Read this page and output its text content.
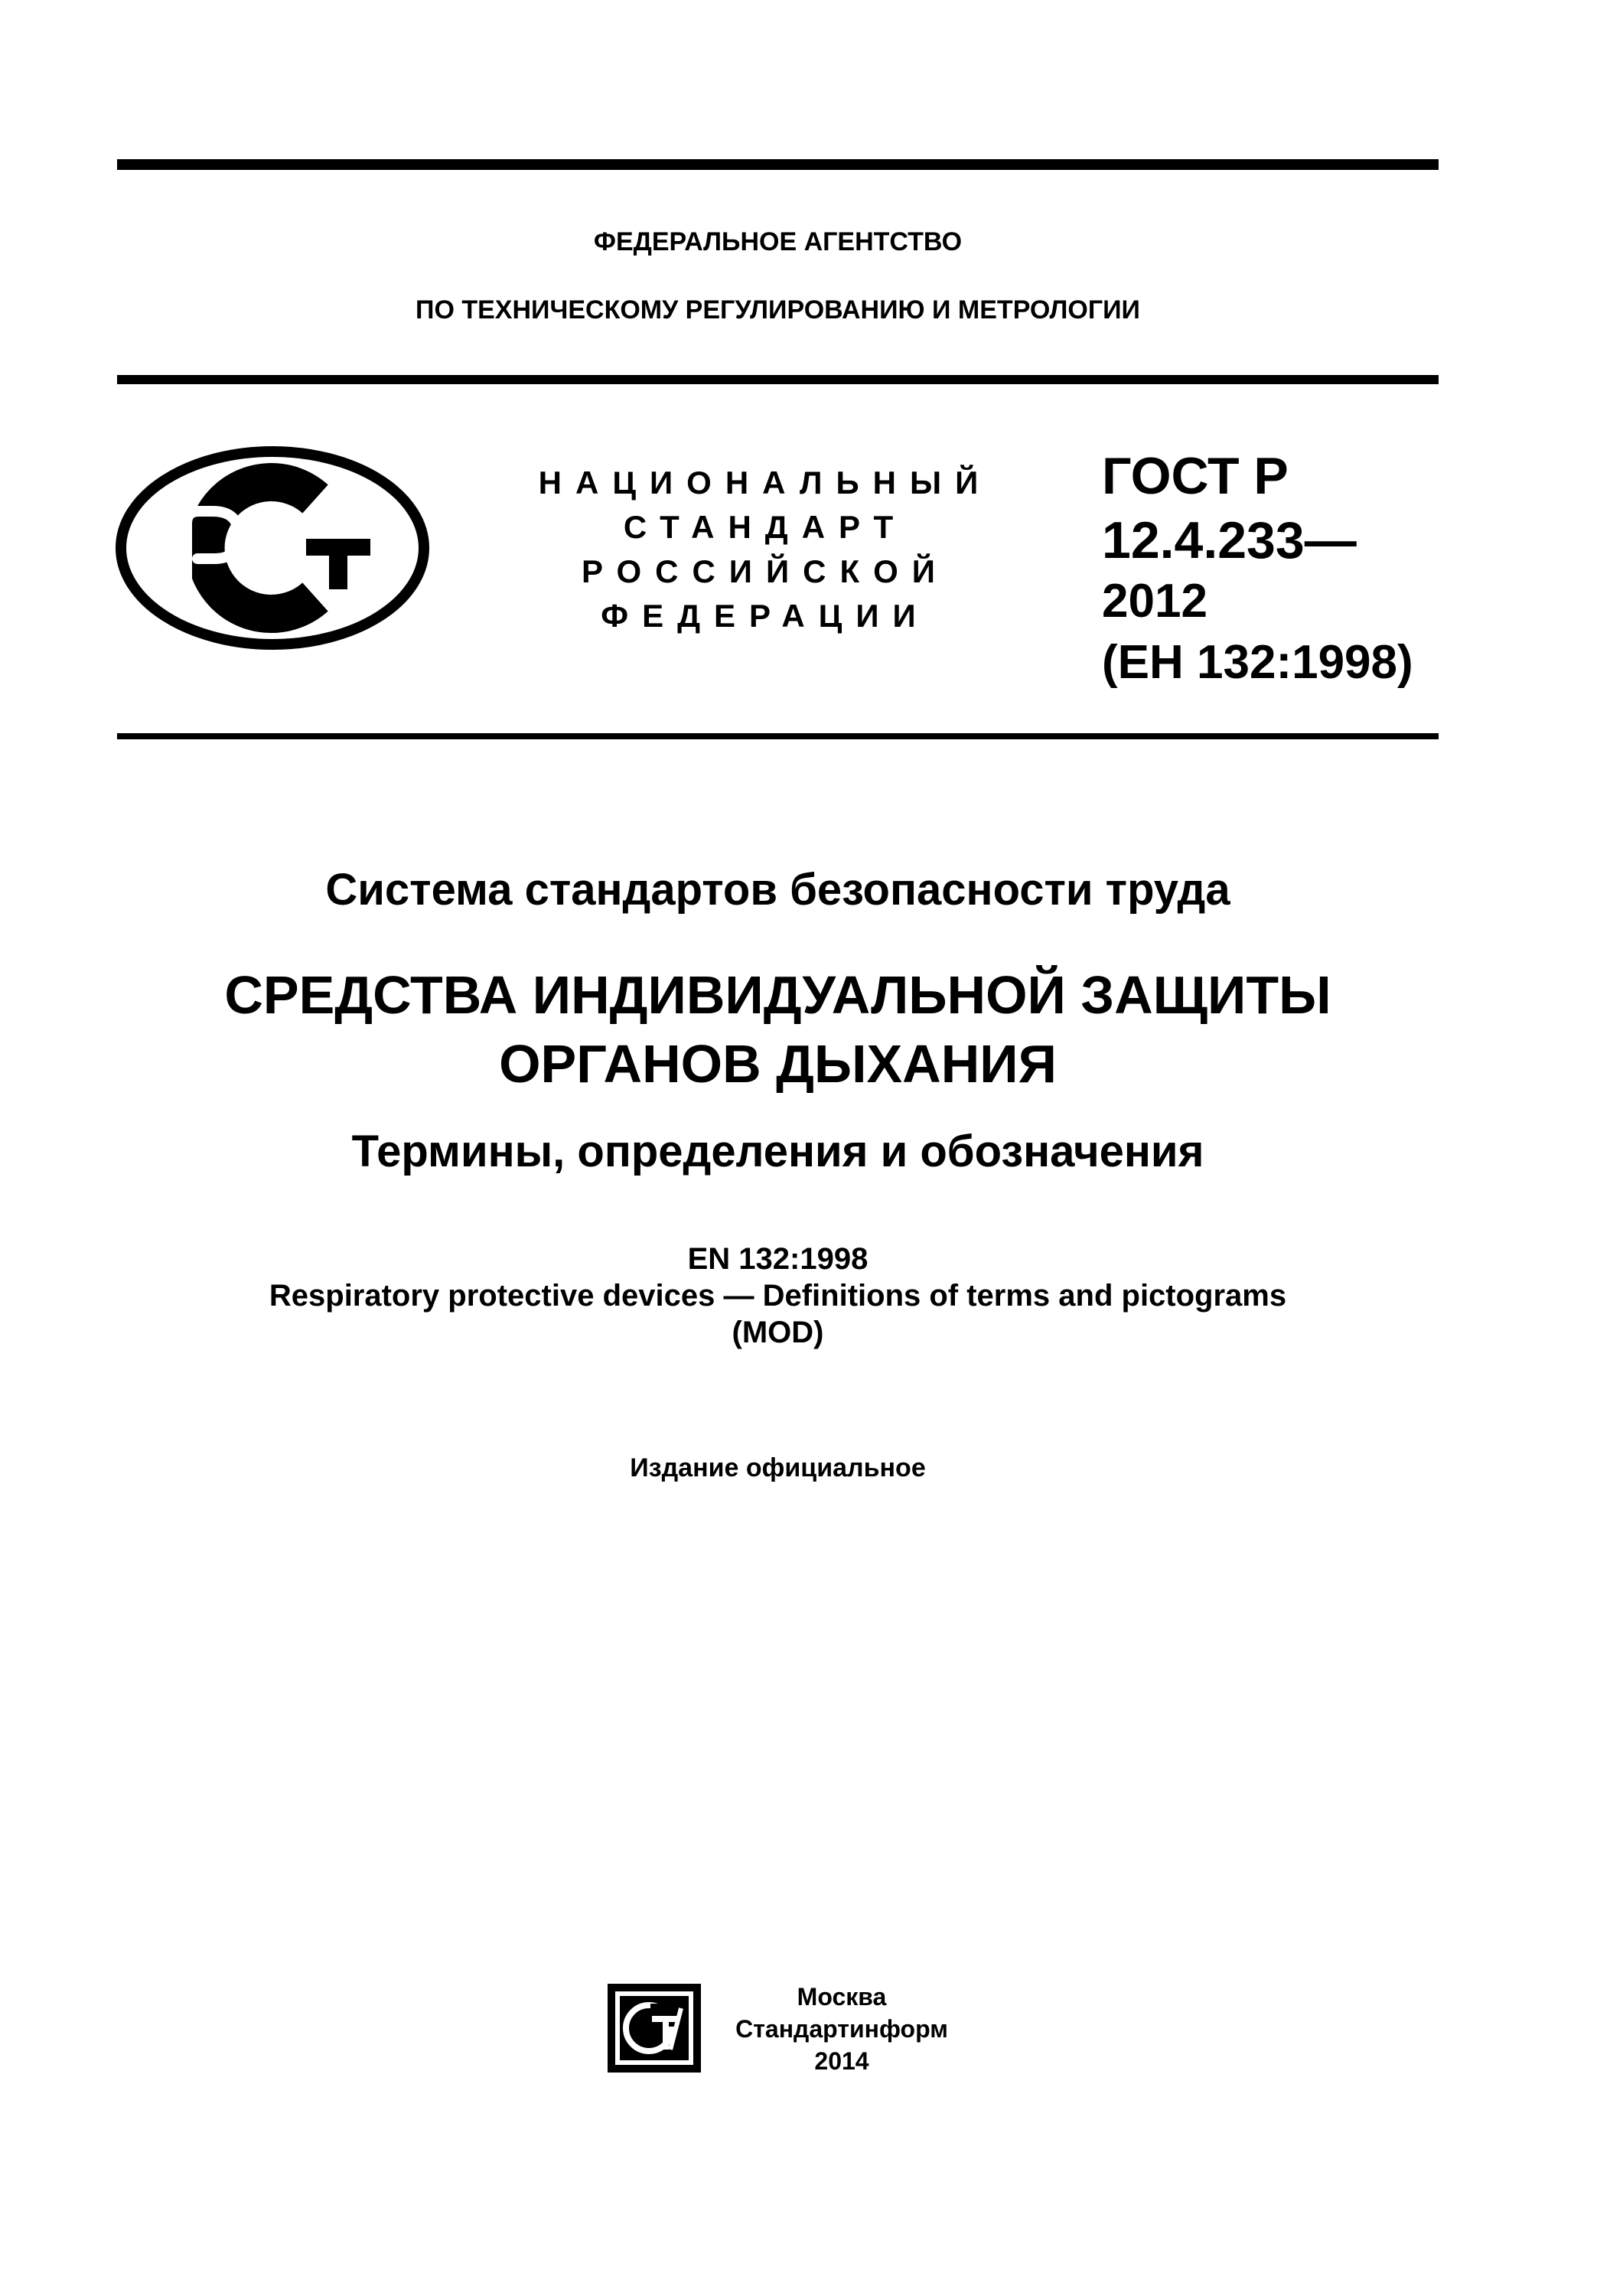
ФЕДЕРАЛЬНОЕ АГЕНТСТВО
ПО ТЕХНИЧЕСКОМУ РЕГУЛИРОВАНИЮ И МЕТРОЛОГИИ
НАЦИОНАЛЬНЫЙ
СТАНДАРТ
РОССИЙСКОЙ
ФЕДЕРАЦИИ
ГОСТ Р
12.4.233—
2012
(ЕН 132:1998)
Система стандартов безопасности труда
СРЕДСТВА ИНДИВИДУАЛЬНОЙ ЗАЩИТЫ
ОРГАНОВ ДЫХАНИЯ
Термины, определения и обозначения
EN 132:1998
Respiratory protective devices — Definitions of terms and pictograms
(MOD)
Издание официальное
Москва
Стандартинформ
2014
